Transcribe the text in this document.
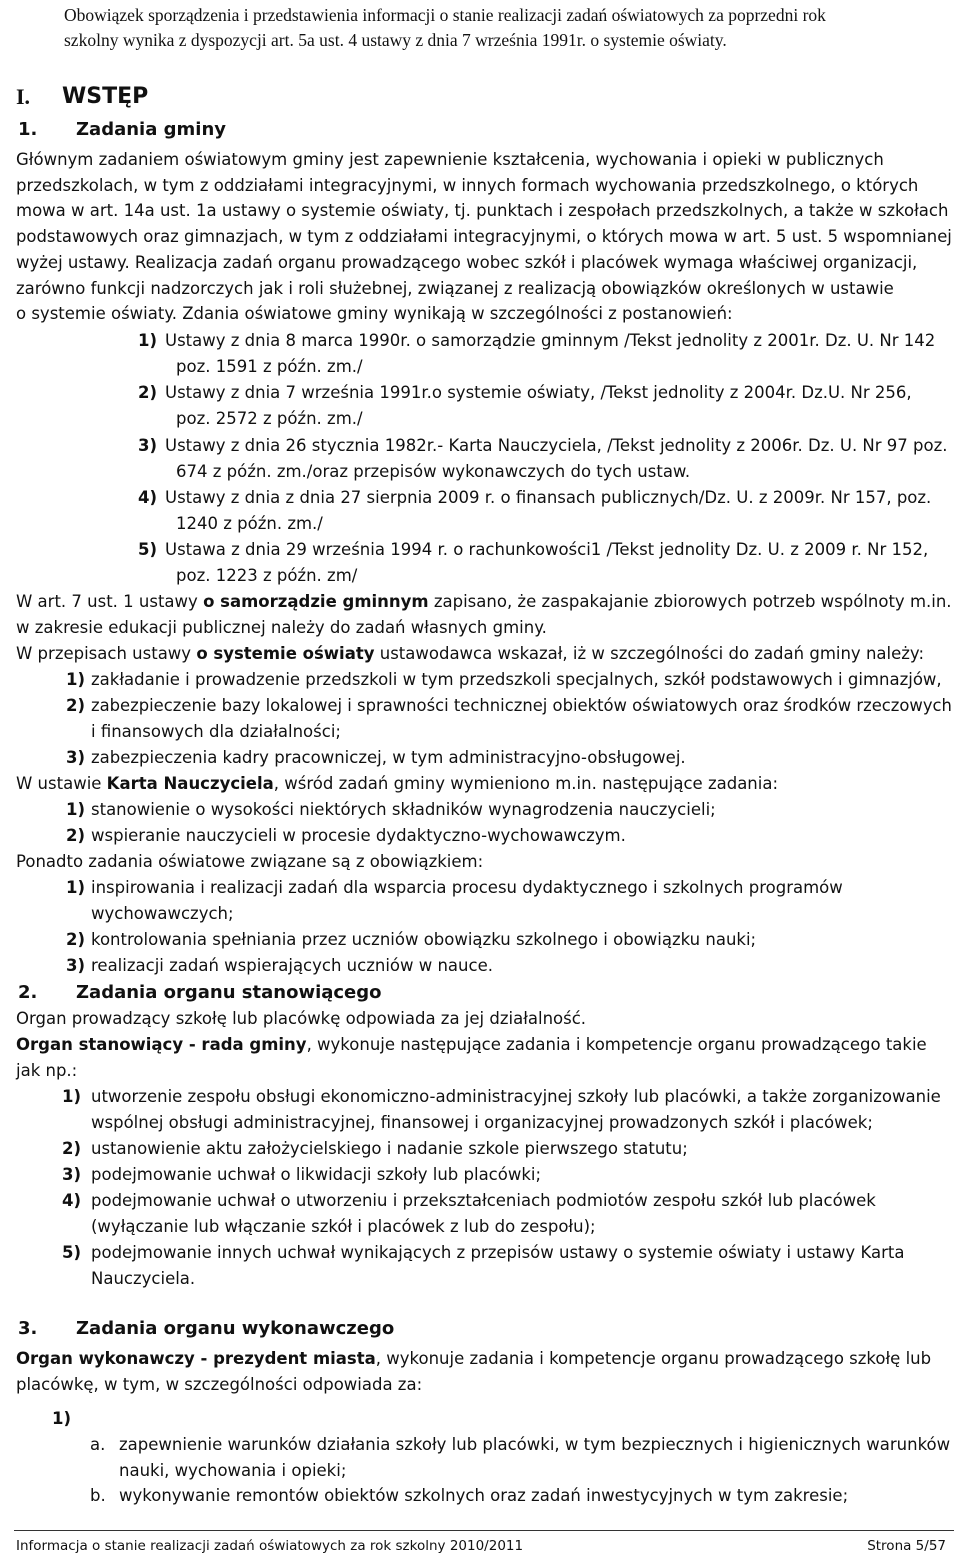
Obowiązek sporządzenia i przedstawienia informacji o stanie realizacji zadań oświatowych za poprzedni rok
szkolny wynika z dyspozycji art. 5a ust. 4 ustawy z dnia 7 września 1991r. o systemie oświaty.
I. WSTĘP
1. Zadania gminy
Głównym zadaniem oświatowym gminy jest zapewnienie kształcenia, wychowania i opieki w publicznych
przedszkolach, w tym z oddziałami integracyjnymi, w innych formach wychowania przedszkolnego, o których
mowa w art. 14a ust. 1a ustawy o systemie oświaty, tj. punktach i zespołach przedszkolnych, a także w szkołach
podstawowych oraz gimnazjach, w tym z oddziałami integracyjnymi, o których mowa w art. 5 ust. 5 wspomnianej
wyżej ustawy. Realizacja zadań organu prowadzącego wobec szkół i placówek wymaga właściwej organizacji,
zarówno funkcji nadzorczych jak i roli służebnej, związanej z realizacją obowiązków określonych w ustawie
o systemie oświaty. Zdania oświatowe gminy wynikają w szczególności z postanowień:
1) Ustawy z dnia 8 marca 1990r. o samorządzie gminnym /Tekst jednolity z 2001r. Dz. U. Nr 142
poz. 1591 z późn. zm./
2) Ustawy z dnia 7 września 1991r.o systemie oświaty, /Tekst jednolity z 2004r. Dz.U. Nr 256,
poz. 2572 z późn. zm./
3) Ustawy z dnia 26 stycznia 1982r.- Karta Nauczyciela, /Tekst jednolity z 2006r. Dz. U. Nr 97 poz.
674 z późn. zm./oraz przepisów wykonawczych do tych ustaw.
4) Ustawy z dnia z dnia 27 sierpnia 2009 r. o finansach publicznych/Dz. U. z 2009r. Nr 157, poz.
1240 z późn. zm./
5) Ustawa z dnia 29 września 1994 r. o rachunkowości1 /Tekst jednolity Dz. U. z 2009 r. Nr 152,
poz. 1223 z późn. zm/
W art. 7 ust. 1 ustawy o samorządzie gminnym zapisano, że zaspakajanie zbiorowych potrzeb wspólnoty m.in.
w zakresie edukacji publicznej należy do zadań własnych gminy.
W przepisach ustawy o systemie oświaty ustawodawca wskazał, iż w szczególności do zadań gminy należy:
1) zakładanie i prowadzenie przedszkoli w tym przedszkoli specjalnych, szkół podstawowych i gimnazjów,
2) zabezpieczenie bazy lokalowej i sprawności technicznej obiektów oświatowych oraz środków rzeczowych
i finansowych dla działalności;
3) zabezpieczenia kadry pracowniczej, w tym administracyjno-obsługowej.
W ustawie Karta Nauczyciela, wśród zadań gminy wymieniono m.in. następujące zadania:
1) stanowienie o wysokości niektórych składników wynagrodzenia nauczycieli;
2) wspieranie nauczycieli w procesie dydaktyczno-wychowawczym.
Ponadto zadania oświatowe związane są z obowiązkiem:
1) inspirowania i realizacji zadań dla wsparcia procesu dydaktycznego i szkolnych programów
wychowawczych;
2) kontrolowania spełniania przez uczniów obowiązku szkolnego i obowiązku nauki;
3) realizacji zadań wspierających uczniów w nauce.
2. Zadania organu stanowiącego
Organ prowadzący szkołę lub placówkę odpowiada za jej działalność.
Organ stanowiący - rada gminy, wykonuje następujące zadania i kompetencje organu prowadzącego takie
jak np.:
1) utworzenie zespołu obsługi ekonomiczno-administracyjnej szkoły lub placówki, a także zorganizowanie
wspólnej obsługi administracyjnej, finansowej i organizacyjnej prowadzonych szkół i placówek;
2) ustanowienie aktu założycielskiego i nadanie szkole pierwszego statutu;
3) podejmowanie uchwał o likwidacji szkoły lub placówki;
4) podejmowanie uchwał o utworzeniu i przekształceniach podmiotów zespołu szkół lub placówek
(wyłączanie lub włączanie szkół i placówek z lub do zespołu);
5) podejmowanie innych uchwał wynikających z przepisów ustawy o systemie oświaty i ustawy Karta
Nauczyciela.
3. Zadania organu wykonawczego
Organ wykonawczy - prezydent miasta, wykonuje zadania i kompetencje organu prowadzącego szkołę lub
placówkę, w tym, w szczególności odpowiada za:
1)
a. zapewnienie warunków działania szkoły lub placówki, w tym bezpiecznych i higienicznych warunków
nauki, wychowania i opieki;
b. wykonywanie remontów obiektów szkolnych oraz zadań inwestycyjnych w tym zakresie;
Informacja o stanie realizacji zadań oświatowych za rok szkolny 2010/2011	Strona 5/57
